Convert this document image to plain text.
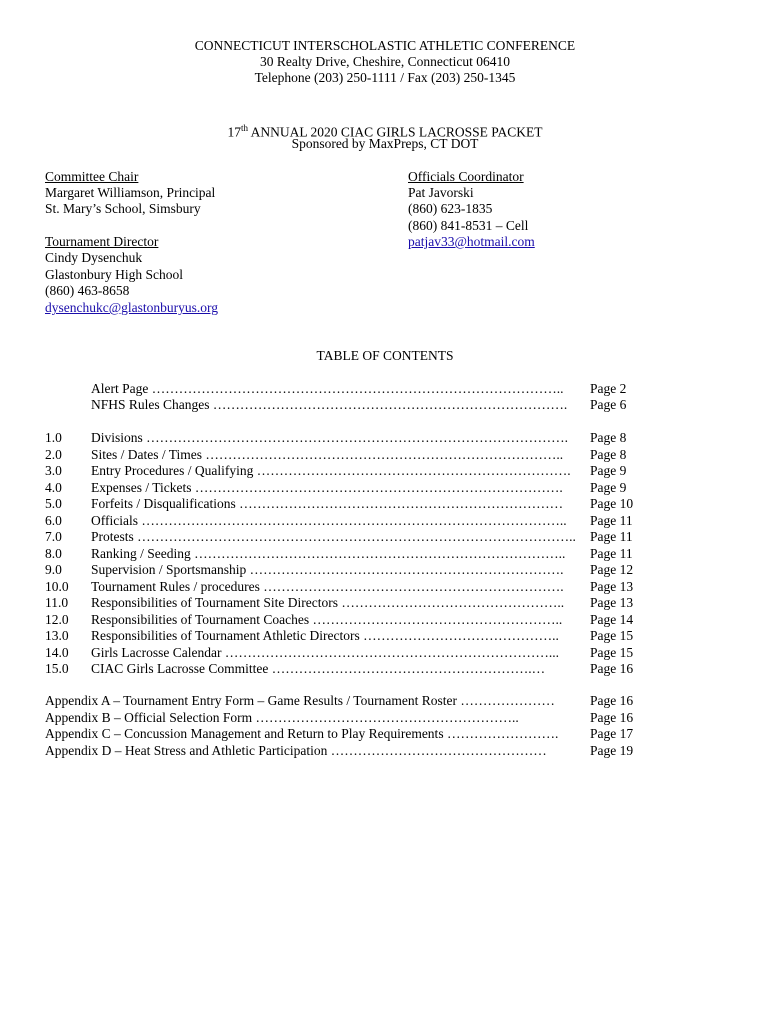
CONNECTICUT INTERSCHOLASTIC ATHLETIC CONFERENCE
30 Realty Drive, Cheshire, Connecticut 06410
Telephone (203) 250-1111 / Fax (203) 250-1345
17th ANNUAL 2020 CIAC GIRLS LACROSSE PACKET
Sponsored by MaxPreps, CT DOT
Committee Chair
Margaret Williamson, Principal
St. Mary’s School, Simsbury
Tournament Director
Cindy Dysenchuk
Glastonbury High School
(860) 463-8658
dysenchukc@glastonburyus.org
Officials Coordinator
Pat Javorski
(860) 623-1835
(860) 841-8531 – Cell
patjav33@hotmail.com
TABLE OF CONTENTS
Alert Page ………………………………………………………………………………..	Page 2
NFHS Rules Changes …………………………………………………………………….	Page 6
1.0 Divisions ………………………………………………………………………………….	Page 8
2.0 Sites / Dates / Times ……………………………………………………………………..	Page 8
3.0 Entry Procedures / Qualifying …………………………………………………………….	Page 9
4.0 Expenses / Tickets ……………………………………………………………………….	Page 9
5.0 Forfeits / Disqualifications ………………………………………………………………	Page 10
6.0 Officials …………………………………………………………………………………..	Page 11
7.0 Protests ……………………………………………………………………………………..	Page 11
8.0 Ranking / Seeding ………………………………………………………………………..	Page 11
9.0 Supervision / Sportsmanship …………………………………………………………….	Page 12
10.0 Tournament Rules / procedures ………………………………………………………….	Page 13
11.0 Responsibilities of Tournament Site Directors …………………………………………..	Page 13
12.0 Responsibilities of Tournament Coaches ………………………………………………..	Page 14
13.0 Responsibilities of Tournament Athletic Directors ……………………………………..	Page 15
14.0 Girls Lacrosse Calendar ………………………………………………………………...	Page 15
15.0 CIAC Girls Lacrosse Committee ………………………………………………….…	Page 16
Appendix A – Tournament Entry Form – Game Results / Tournament Roster …………………	Page 16
Appendix B – Official Selection Form …………………………………………………..	Page 16
Appendix C – Concussion Management and Return to Play Requirements …………………….	Page 17
Appendix D – Heat Stress and Athletic Participation …………………………………………	Page 19
